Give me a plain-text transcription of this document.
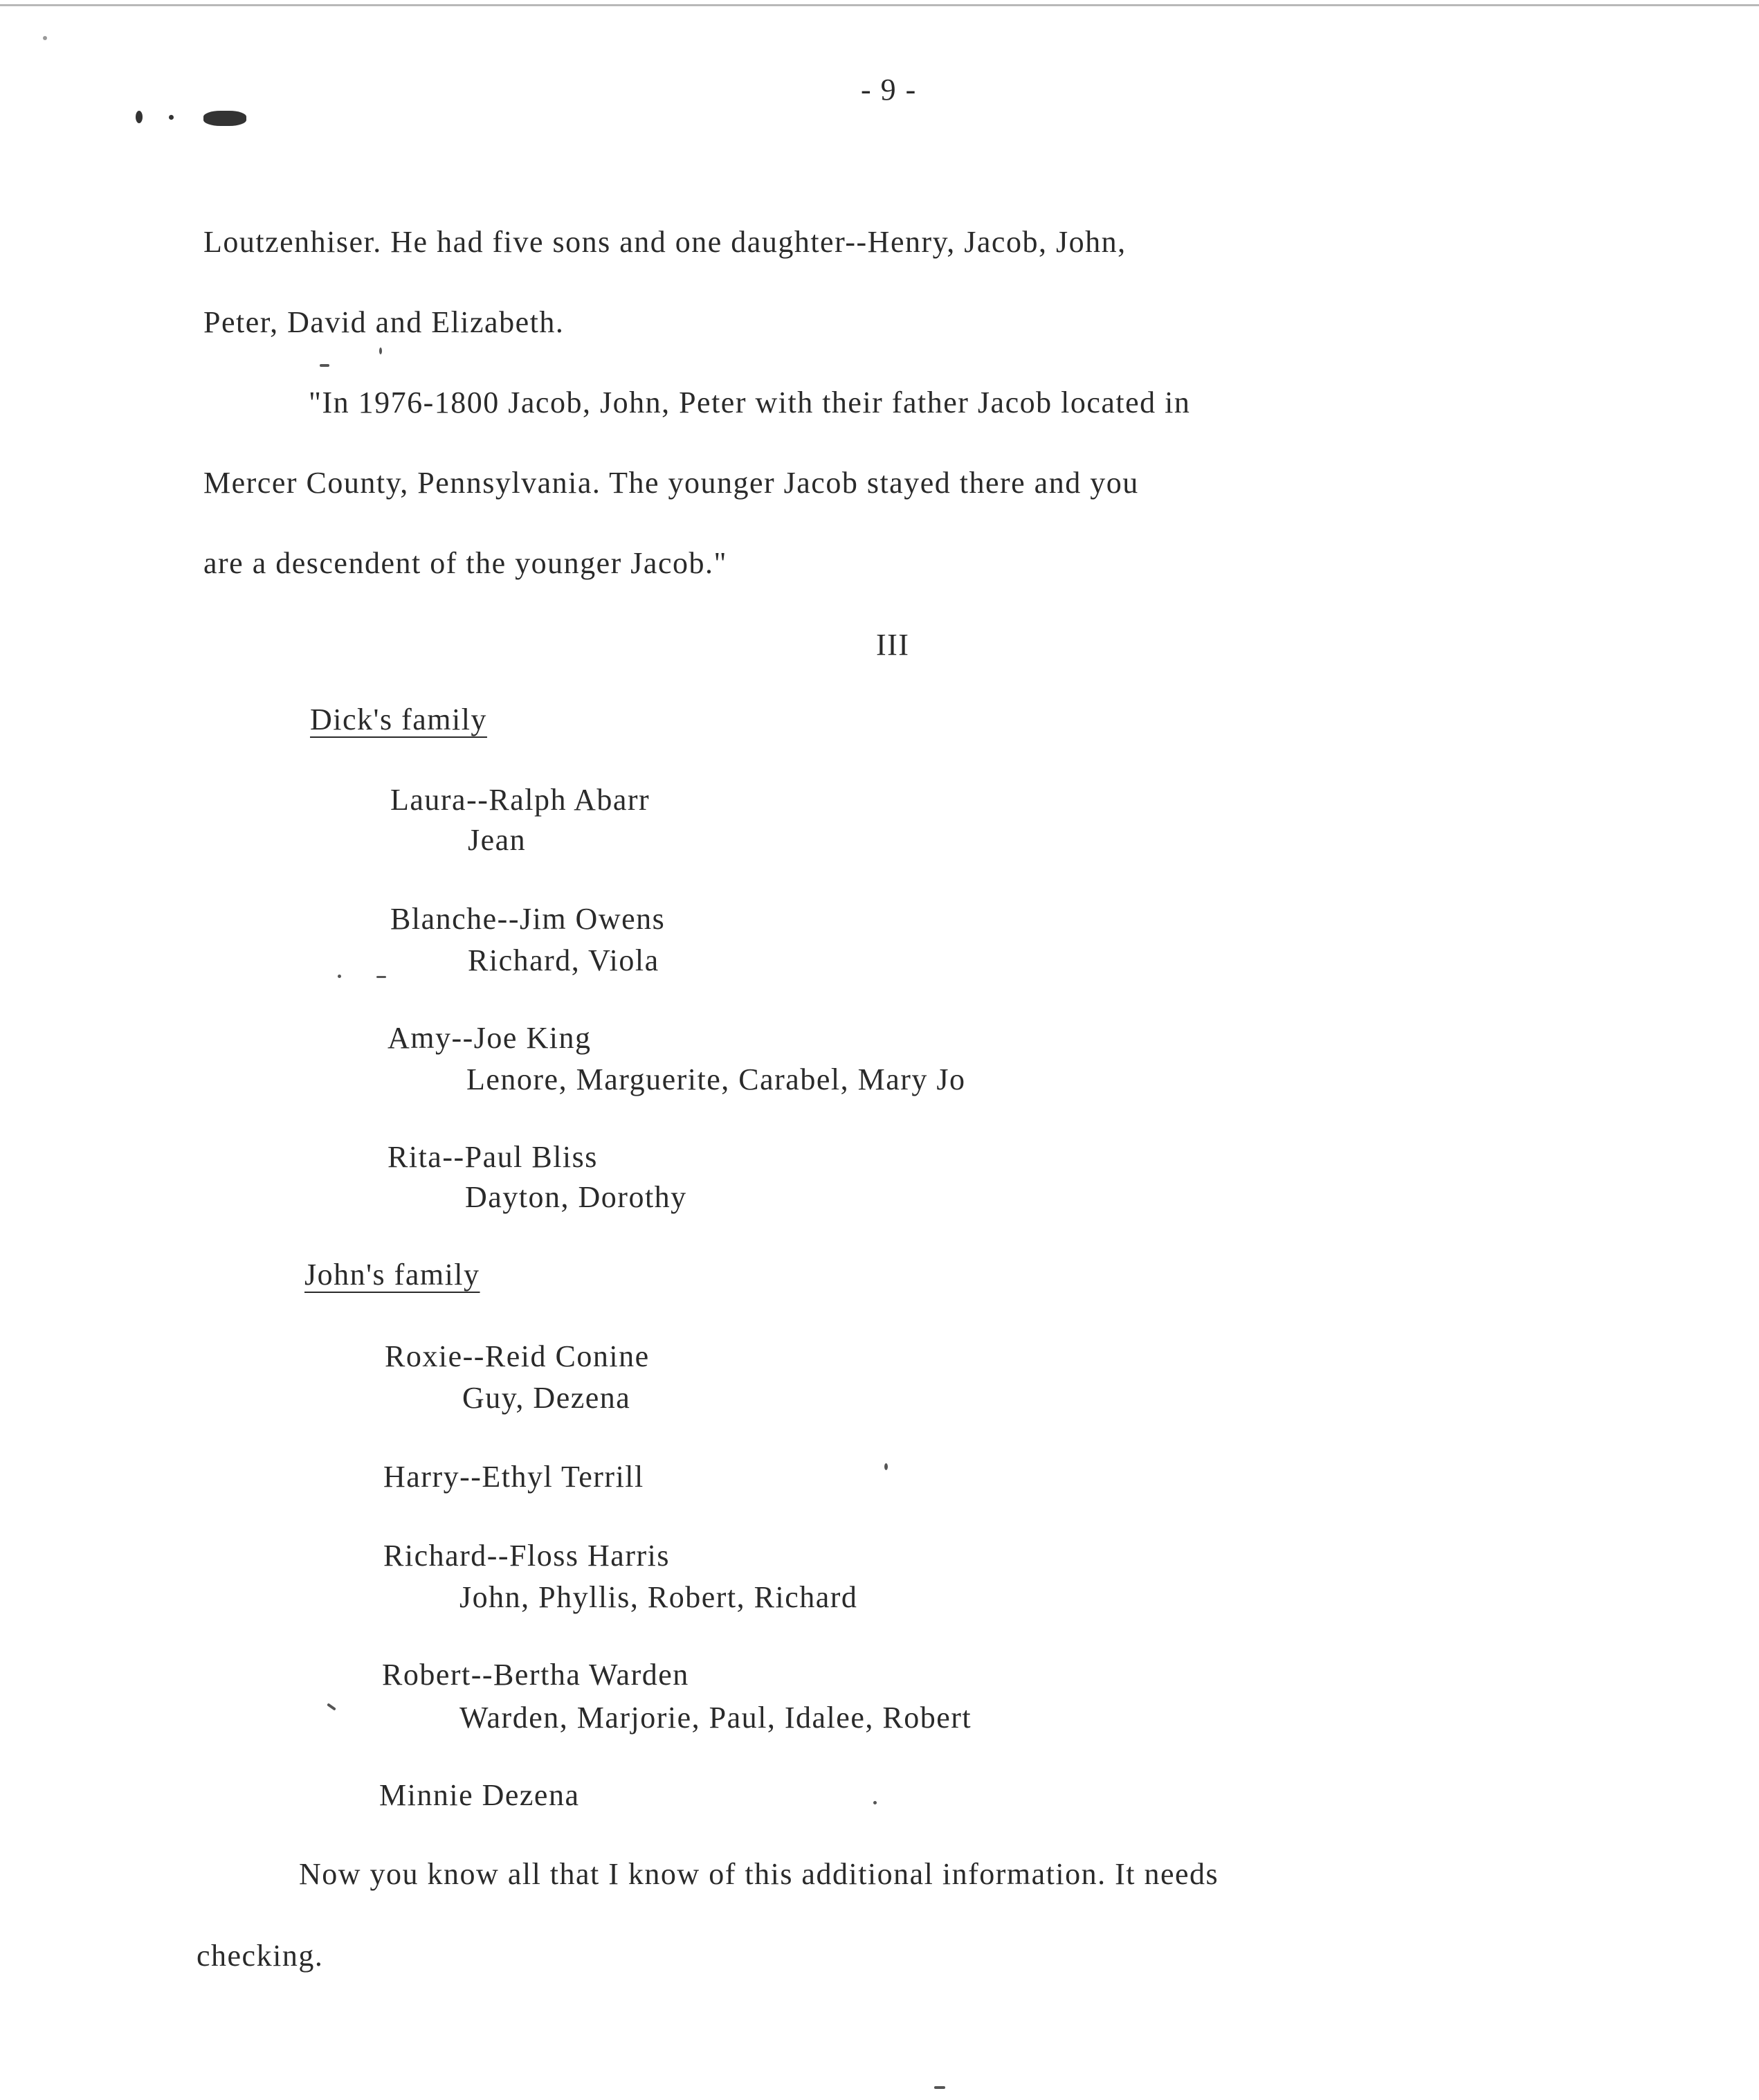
- 9 -
Loutzenhiser. He had five sons and one daughter--Henry, Jacob, John,
Peter, David and Elizabeth.
"In 1976-1800 Jacob, John, Peter with their father Jacob located in
Mercer County, Pennsylvania. The younger Jacob stayed there and you
are a descendent of the younger Jacob."
III
Dick's family
Laura--Ralph Abarr
Jean
Blanche--Jim Owens
Richard, Viola
Amy--Joe King
Lenore, Marguerite, Carabel, Mary Jo
Rita--Paul Bliss
Dayton, Dorothy
John's family
Roxie--Reid Conine
Guy, Dezena
Harry--Ethyl Terrill
Richard--Floss Harris
John, Phyllis, Robert, Richard
Robert--Bertha Warden
Warden, Marjorie, Paul, Idalee, Robert
Minnie Dezena
Now you know all that I know of this additional information. It needs
checking.
